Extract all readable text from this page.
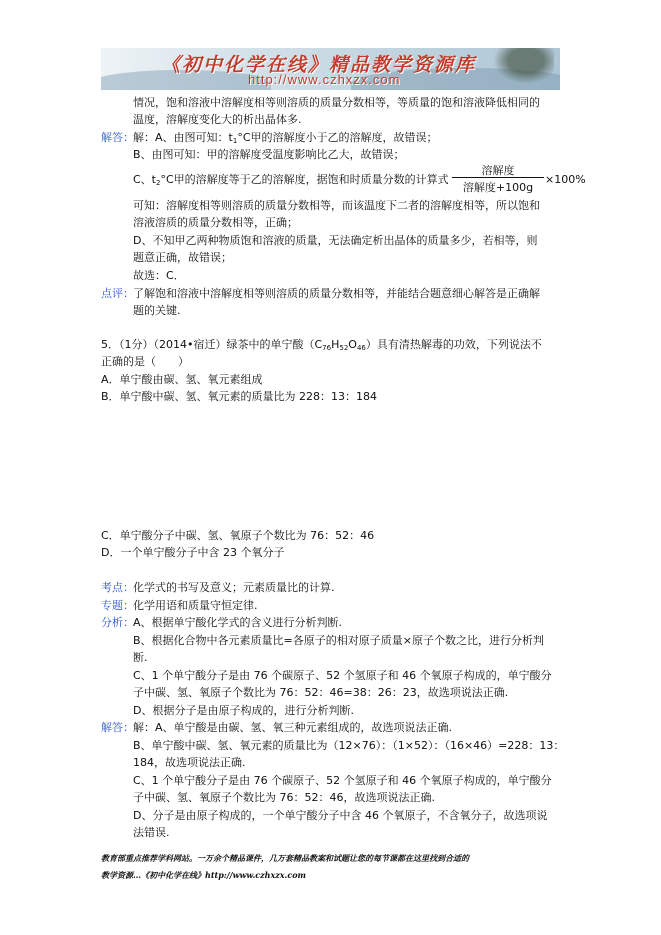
《初中化学在线》精品教学资源库
http://www.czhxzx.com
情况，饱和溶液中溶解度相等则溶质的质量分数相等，等质量的饱和溶液降低相同的
温度，溶解度变化大的析出晶体多.
解答： 解：A、由图可知：$t_1^\circ C$甲的溶解度小于乙的溶解度，故错误；
B、由图可知：甲的溶解度受温度影响比乙大，故错误；
C、$t_2^\circ C$甲的溶解度等于乙的溶解度，据饱和时质量分数的计算式
溶解度
溶解度+100g
×100%
可知：溶解度相等则溶质的质量分数相等，而该温度下二者的溶解度相等，所以饱和
溶液溶质的质量分数相等，正确；
D、不知甲乙两种物质饱和溶液的质量，无法确定析出晶体的质量多少，若相等，则
题意正确，故错误；
故选：C．
点评： 了解饱和溶液中溶解度相等则溶质的质量分数相等，并能结合题意细心解答是正确解
题的关键.
5．（1分）（2014•宿迁）绿茶中的单宁酸$(C_{76}H_{52}O_{46})$具有清热解毒的功效，下列说法不
正确的是（　　）
A．单宁酸由碳、氢、氧元素组成
B．单宁酸中碳、氢、氧元素的质量比为 228：13：184
C．单宁酸分子中碳、氢、氧原子个数比为 76：52：46
D．一个单宁酸分子中含 23 个氧分子
考点： 化学式的书写及意义；元素质量比的计算.
专题： 化学用语和质量守恒定律.
分析： A、根据单宁酸化学式的含义进行分析判断.
B、根据化合物中各元素质量比=各原子的相对原子质量×原子个数之比，进行分析判
断.
C、1 个单宁酸分子是由 76 个碳原子、52 个氢原子和 46 个氧原子构成的，单宁酸分
子中碳、氢、氧原子个数比为 76：52：46=38：26：23，故选项说法正确.
D、根据分子是由原子构成的，进行分析判断.
解答： 解：A、单宁酸是由碳、氢、氧三种元素组成的，故选项说法正确.
B、单宁酸中碳、氢、氧元素的质量比为（12×76）：（1×52）：（16×46）=228：13：
184，故选项说法正确.
C、1 个单宁酸分子是由 76 个碳原子、52 个氢原子和 46 个氧原子构成的，单宁酸分
子中碳、氢、氧原子个数比为 76：52：46，故选项说法正确.
D、分子是由原子构成的，一个单宁酸分子中含 46 个氧原子，不含氧分子，故选项说
法错误.
教育部重点推荐学科网站。一万余个精品课件，几万套精品教案和试题让您的每节课都在这里找到合适的
教学资源…《初中化学在线》http://www.czhxzx.com
